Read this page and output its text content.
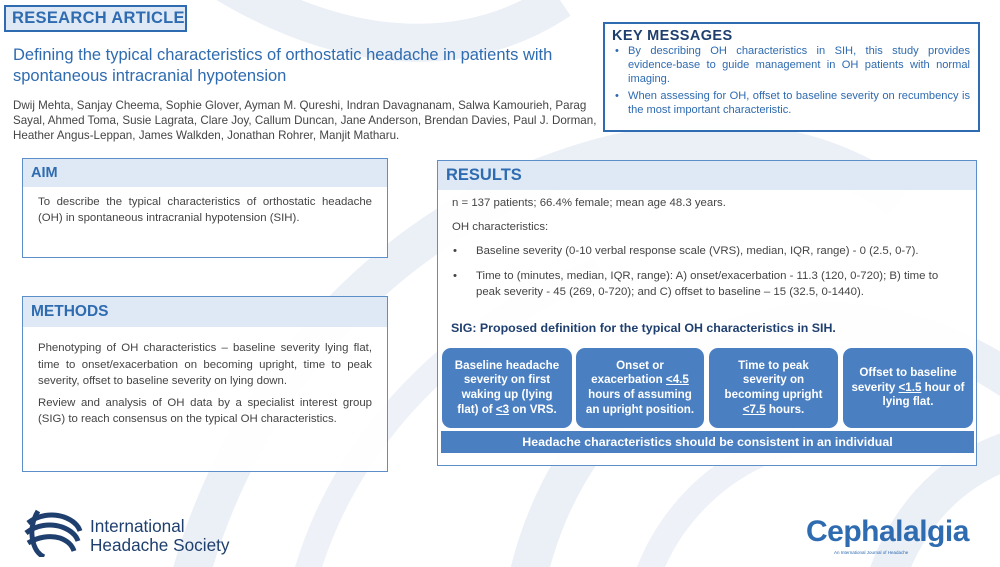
RESEARCH ARTICLE
Defining the typical characteristics of orthostatic headache in patients with spontaneous intracranial hypotension
Dwij Mehta, Sanjay Cheema, Sophie Glover, Ayman M. Qureshi, Indran Davagnanam, Salwa Kamourieh, Parag Sayal, Ahmed Toma, Susie Lagrata, Clare Joy, Callum Duncan, Jane Anderson, Brendan Davies, Paul J. Dorman, Heather Angus-Leppan, James Walkden, Jonathan Rohrer, Manjit Matharu.
KEY MESSAGES
• By describing OH characteristics in SIH, this study provides evidence-base to guide management in OH patients with normal imaging.
• When assessing for OH, offset to baseline severity on recumbency is the most important characteristic.
AIM
To describe the typical characteristics of orthostatic headache (OH) in spontaneous intracranial hypotension (SIH).
METHODS

Phenotyping of OH characteristics – baseline severity lying flat, time to onset/exacerbation on becoming upright, time to peak severity, offset to baseline severity on lying down.

Review and analysis of OH data by a specialist interest group (SIG) to reach consensus on the typical OH characteristics.

RESULTS

n = 137 patients; 66.4% female; mean age 48.3 years.

OH characteristics:

• Baseline severity (0-10 verbal response scale (VRS), median, IQR, range) - 0 (2.5, 0-7).
• Time to (minutes, median, IQR, range): A) onset/exacerbation - 11.3 (120, 0-720); B) time to peak severity - 45 (269, 0-720); and C) offset to baseline – 15 (32.5, 0-1440).
SIG: Proposed definition for the typical OH characteristics in SIH.
Baseline headache severity on first waking up (lying flat) of <3 on VRS.
Onset or exacerbation <4.5 hours of assuming an upright position.
Time to peak severity on becoming upright <7.5 hours.
Offset to baseline severity <1.5 hour of lying flat.
Headache characteristics should be consistent in an individual
International
Headache Society	Cephalalgia
An International Journal of Headache
